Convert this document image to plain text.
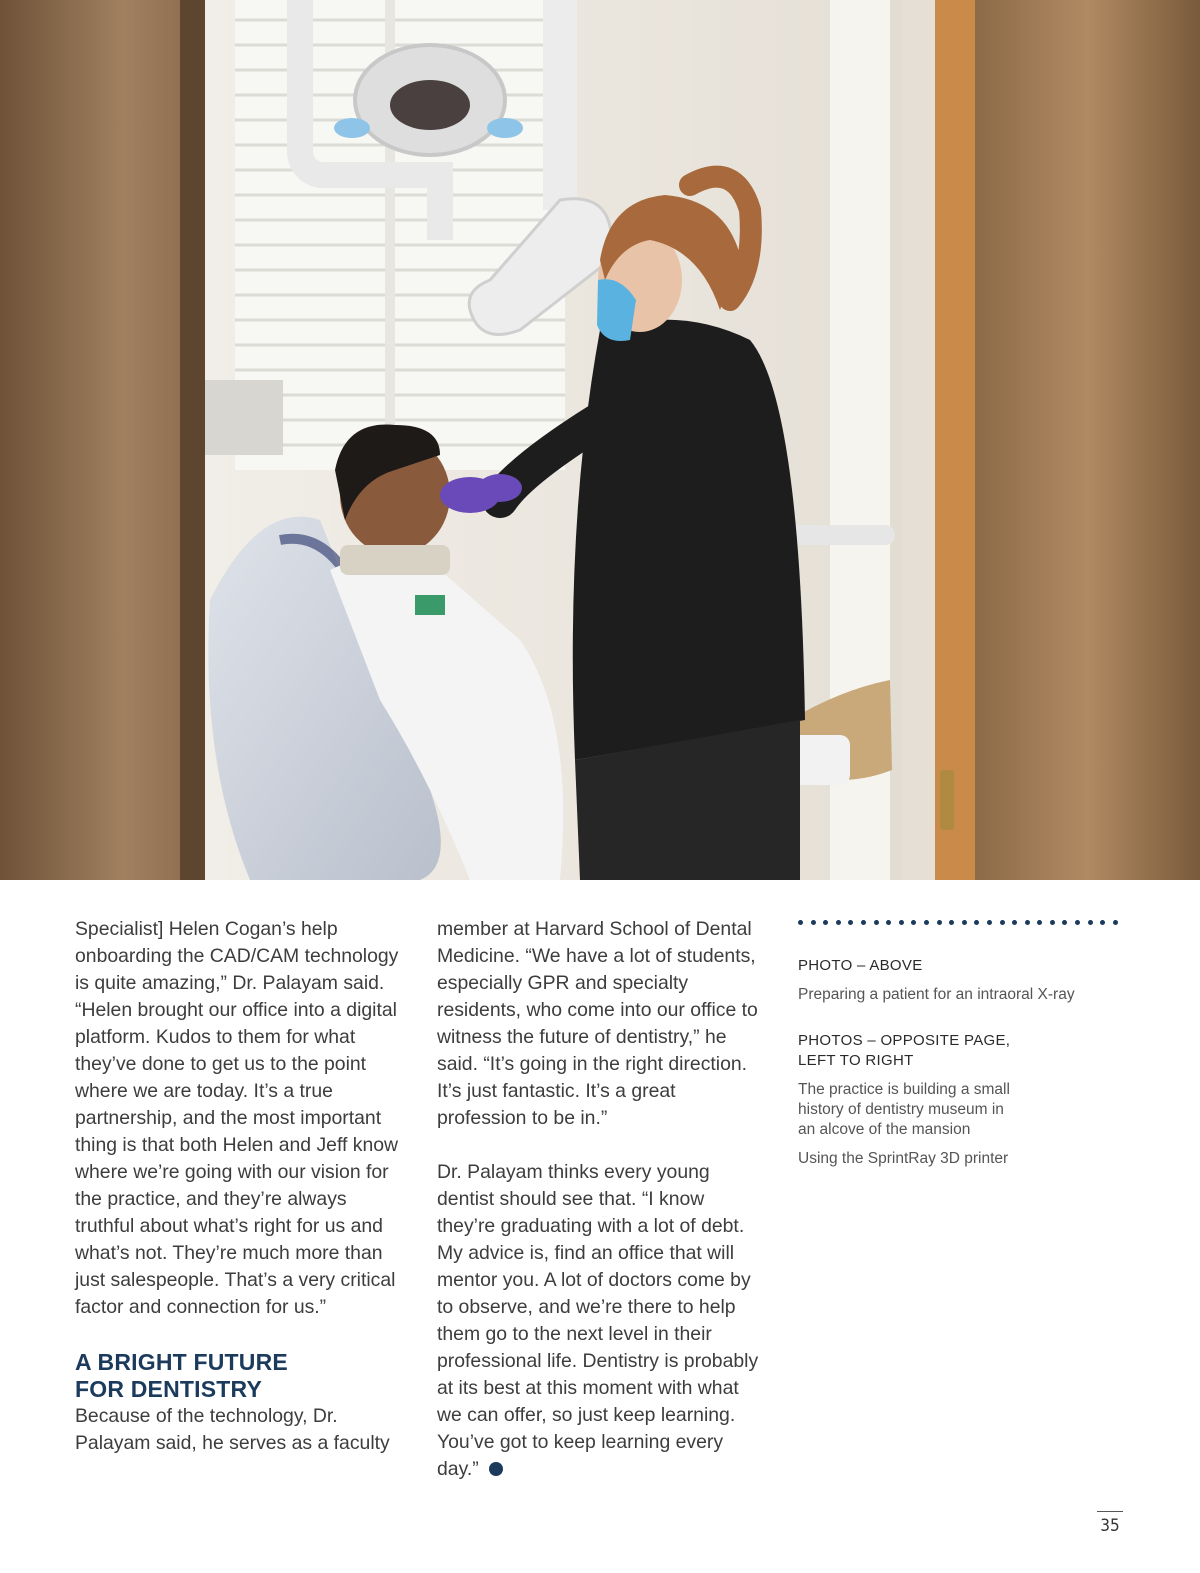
Specialist] Helen Cogan’s help onboarding the CAD/CAM technology is quite amazing,” Dr. Palayam said. “Helen brought our office into a digital platform. Kudos to them for what they’ve done to get us to the point where we are today. It’s a true partnership, and the most important thing is that both Helen and Jeff know where we’re going with our vision for the practice, and they’re always truthful about what’s right for us and what’s not. They’re much more than just salespeople. That’s a very critical factor and connection for us.”

A BRIGHT FUTURE
FOR DENTISTRY

Because of the technology, Dr. Palayam said, he serves as a faculty

member at Harvard School of Dental Medicine. “We have a lot of students, especially GPR and specialty residents, who come into our office to witness the future of dentistry,” he said. “It’s going in the right direction. It’s just fantastic. It’s a great profession to be in.”

Dr. Palayam thinks every young dentist should see that. “I know they’re graduating with a lot of debt. My advice is, find an office that will mentor you. A lot of doctors come by to observe, and we’re there to help them go to the next level in their professional life. Dentistry is probably at its best at this moment with what we can offer, so just keep learning. You’ve got to keep learning every day.”

PHOTO – ABOVE

Preparing a patient for an intraoral X-ray

PHOTOS – OPPOSITE PAGE,
LEFT TO RIGHT

The practice is building a small
history of dentistry museum in
an alcove of the mansion

Using the SprintRay 3D printer

35
